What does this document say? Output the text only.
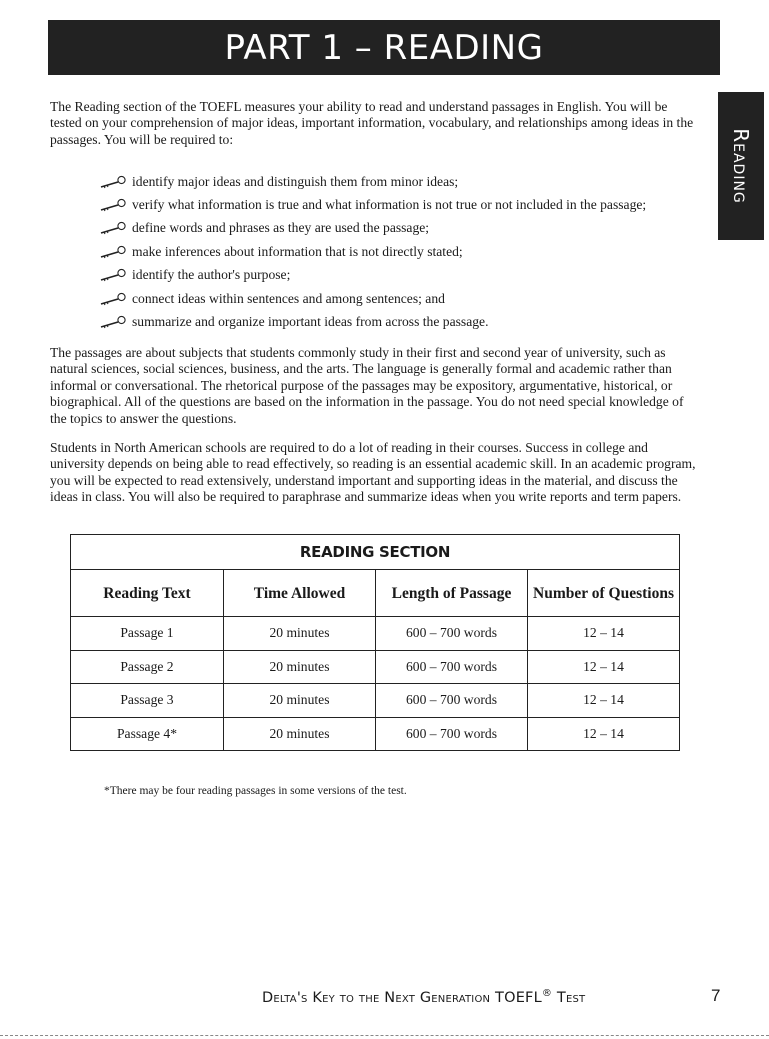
PART 1 – READING
Reading

The Reading section of the TOEFL measures your ability to read and understand passages in English. You will be tested on your comprehension of major ideas, important information, vocabulary, and relationships among ideas in the passages. You will be required to:

identify major ideas and distinguish them from minor ideas;
verify what information is true and what information is not true or not included in the passage;
define words and phrases as they are used the passage;
make inferences about information that is not directly stated;
identify the author's purpose;
connect ideas within sentences and among sentences; and
summarize and organize important ideas from across the passage.

The passages are about subjects that students commonly study in their first and second year of university, such as natural sciences, social sciences, business, and the arts. The language is generally formal and academic rather than informal or conversational. The rhetorical purpose of the passages may be expository, argumentative, historical, or biographical. All of the questions are based on the information in the passage. You do not need special knowledge of the topics to answer the questions.

Students in North American schools are required to do a lot of reading in their courses. Success in college and university depends on being able to read effectively, so reading is an essential academic skill. In an academic program, you will be expected to read extensively, understand important and supporting ideas in the material, and discuss the ideas in class. You will also be required to paraphrase and summarize ideas when you write reports and term papers.

READING SECTION			
Reading Text	Time Allowed	Length of Passage	Number of Questions
Passage 1	20 minutes	600 – 700 words	12 – 14
Passage 2	20 minutes	600 – 700 words	12 – 14
Passage 3	20 minutes	600 – 700 words	12 – 14
Passage 4*	20 minutes	600 – 700 words	12 – 14

*There may be four reading passages in some versions of the test.

Delta's Key to the Next Generation TOEFL® Test	7
